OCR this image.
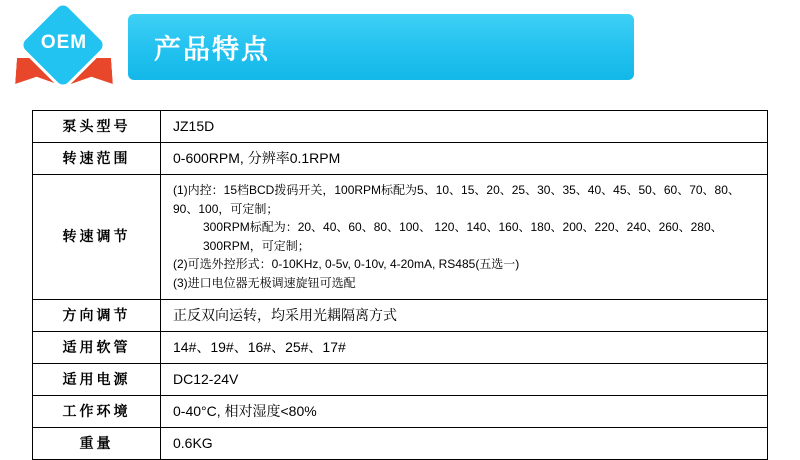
OEM	产品特点
泵头型号	JZ15D

转速范围	0-600RPM, 分辨率0.1RPM

转速调节	(1)内控：15档BCD拨码开关，100RPM标配为5、10、15、20、25、30、35、40、45、50、60、70、80、90、100，可定制；
300RPM标配为：20、40、60、80、100、 120、140、160、180、200、220、240、260、280、300RPM，可定制；
(2)可选外控形式：0-10KHz, 0-5v, 0-10v, 4-20mA, RS485(五选一)
(3)进口电位器无极调速旋钮可选配

方向调节	正反双向运转，均采用光耦隔离方式

适用软管	14#、19#、16#、25#、17#

适用电源	DC12-24V

工作环境	0-40°C, 相对湿度<80%

重量	0.6KG
